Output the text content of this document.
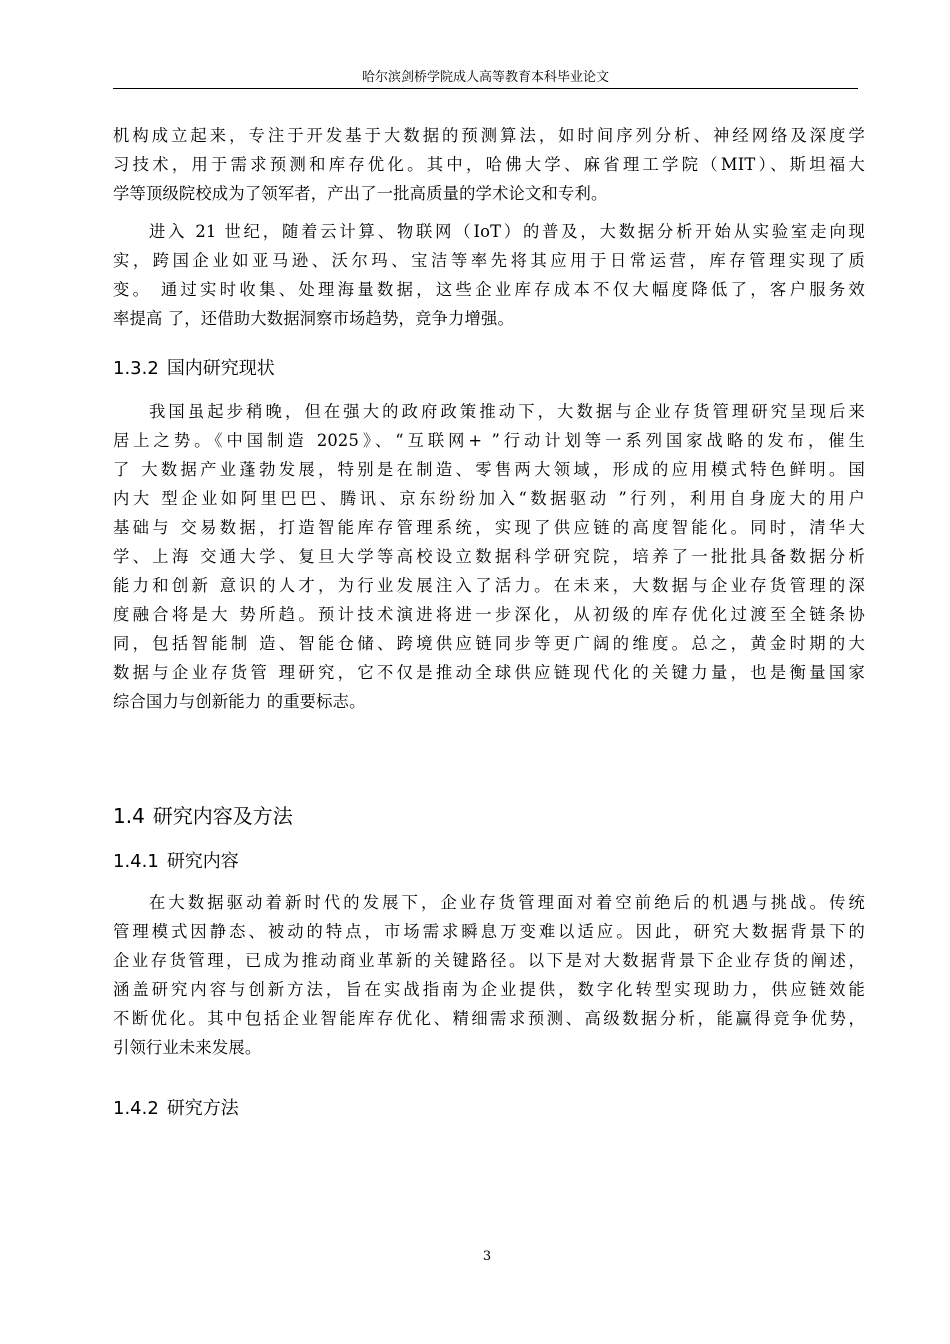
哈尔滨剑桥学院成人高等教育本科毕业论文
机构成立起来，专注于开发基于大数据的预测算法，如时间序列分析、神经网络及深度学
习技术，用于需求预测和库存优化。其中，哈佛大学、麻省理工学院（MIT）、斯坦福大
学等顶级院校成为了领军者，产出了一批高质量的学术论文和专利。
进入 21 世纪，随着云计算、物联网（IoT）的普及，大数据分析开始从实验室走向现
实，跨国企业如亚马逊、沃尔玛、宝洁等率先将其应用于日常运营，库存管理实现了质
变。 通过实时收集、处理海量数据，这些企业库存成本不仅大幅度降低了，客户服务效
率提高 了，还借助大数据洞察市场趋势，竞争力增强。
1.3.2 国内研究现状
我国虽起步稍晚，但在强大的政府政策推动下，大数据与企业存货管理研究呈现后来
居上之势。《中国制造 2025》、“互联网+ ”行动计划等一系列国家战略的发布，催生
了 大数据产业蓬勃发展，特别是在制造、零售两大领域，形成的应用模式特色鲜明。国
内大 型企业如阿里巴巴、腾讯、京东纷纷加入“数据驱动 ”行列，利用自身庞大的用户
基础与 交易数据，打造智能库存管理系统，实现了供应链的高度智能化。同时，清华大
学、上海 交通大学、复旦大学等高校设立数据科学研究院，培养了一批批具备数据分析
能力和创新 意识的人才，为行业发展注入了活力。在未来，大数据与企业存货管理的深
度融合将是大 势所趋。预计技术演进将进一步深化，从初级的库存优化过渡至全链条协
同，包括智能制 造、智能仓储、跨境供应链同步等更广阔的维度。总之，黄金时期的大
数据与企业存货管 理研究，它不仅是推动全球供应链现代化的关键力量，也是衡量国家
综合国力与创新能力 的重要标志。
1.4 研究内容及方法
1.4.1 研究内容
在大数据驱动着新时代的发展下，企业存货管理面对着空前绝后的机遇与挑战。传统
管理模式因静态、被动的特点，市场需求瞬息万变难以适应。因此，研究大数据背景下的
企业存货管理，已成为推动商业革新的关键路径。以下是对大数据背景下企业存货的阐述，
涵盖研究内容与创新方法，旨在实战指南为企业提供，数字化转型实现助力，供应链效能
不断优化。其中包括企业智能库存优化、精细需求预测、高级数据分析，能赢得竞争优势，
引领行业未来发展。
1.4.2 研究方法
3
